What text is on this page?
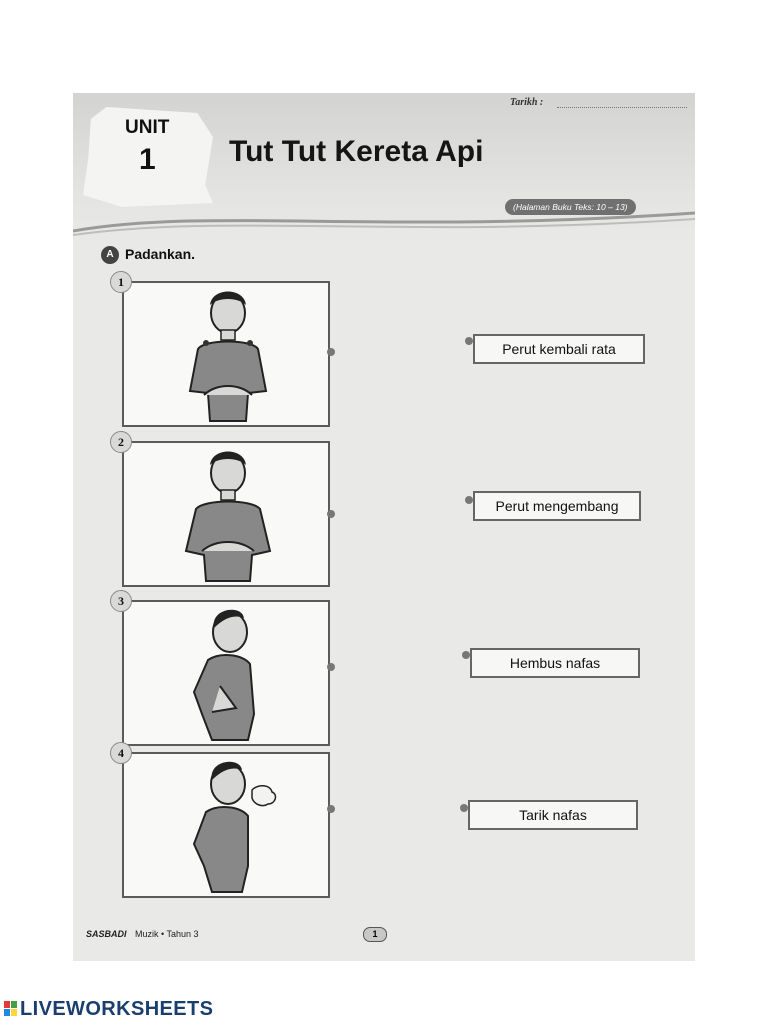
Tarikh :
UNIT
1 Tut Tut Kereta Api
(Halaman Buku Teks: 10 – 13)
A Padankan.
1
2
3
4
Perut kembali rata
Perut mengembang
Hembus nafas
Tarik nafas
SASBADI Muzik • Tahun 3	1
LIVEWORKSHEETS
